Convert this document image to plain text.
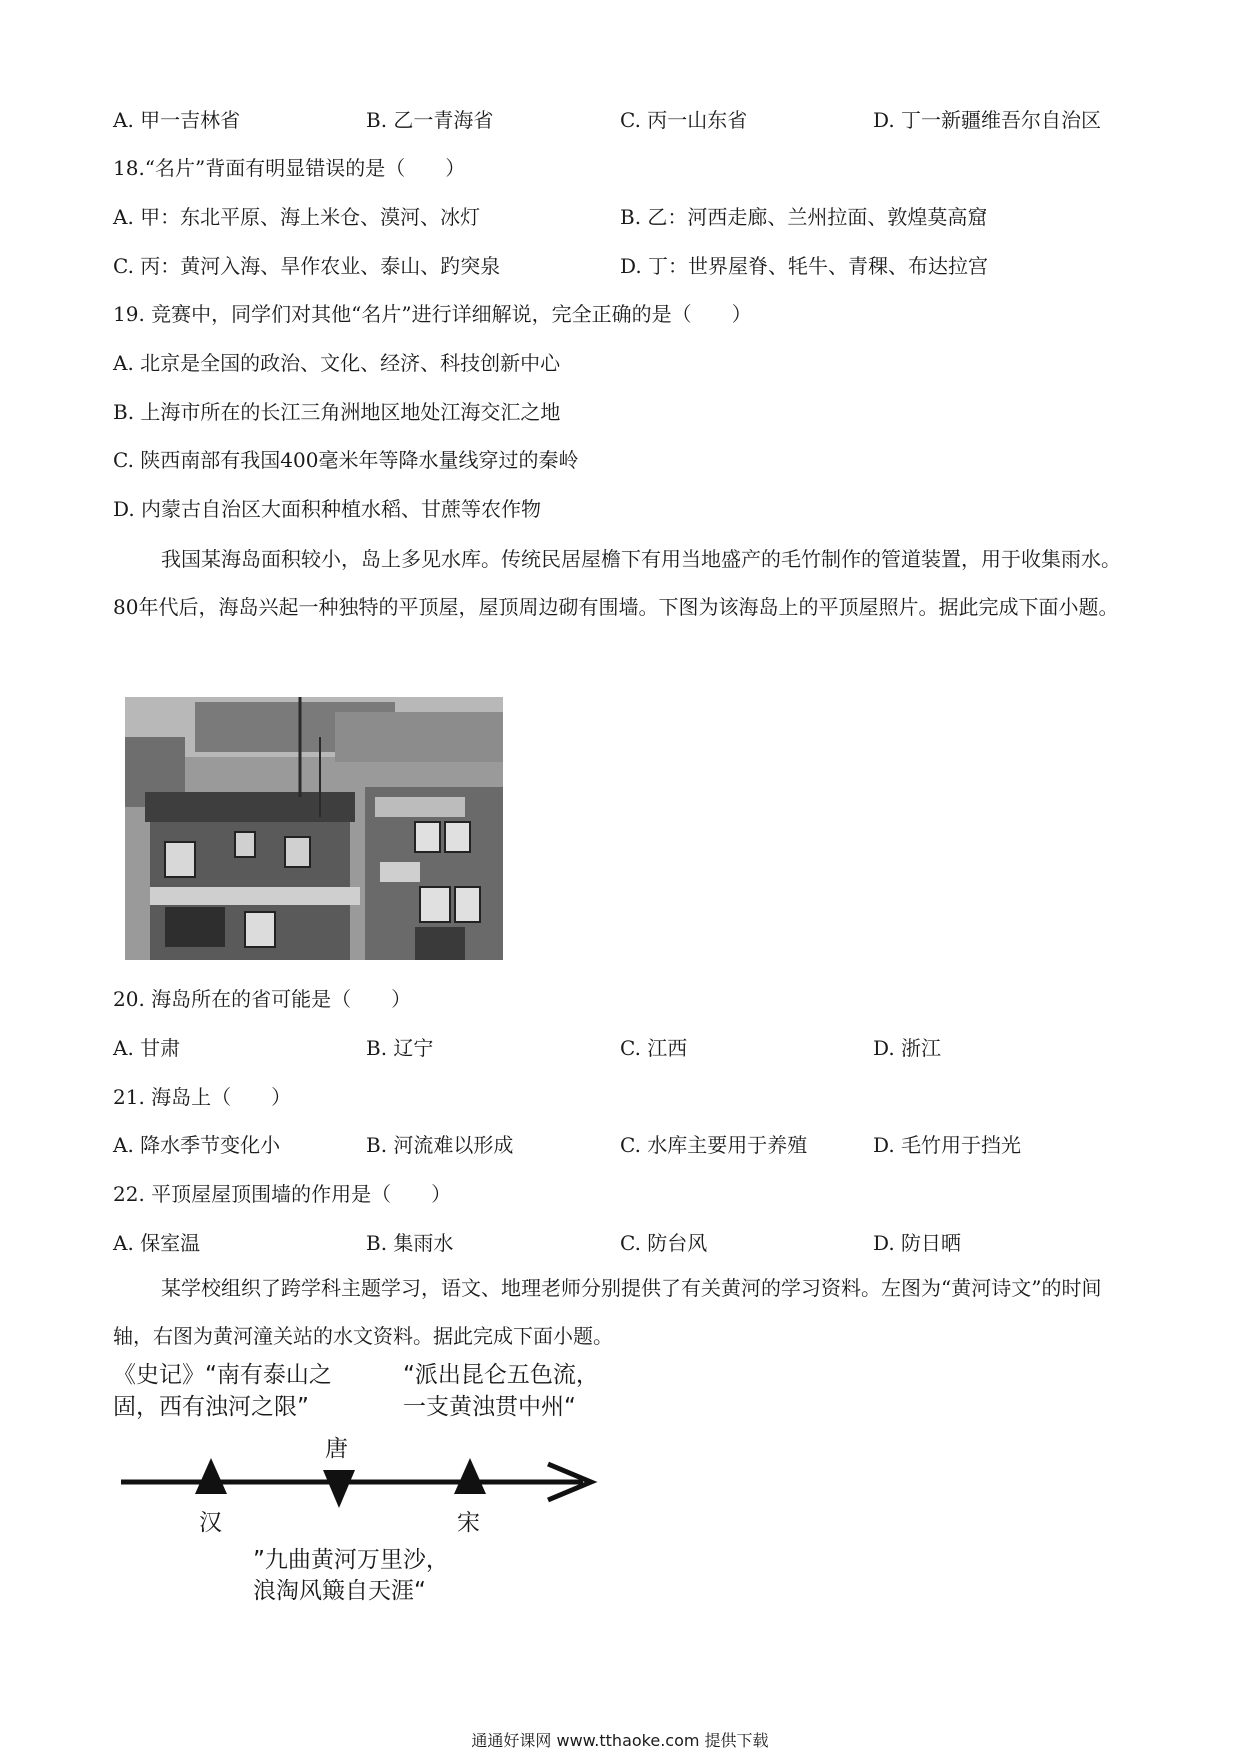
A. 甲一吉林省	B. 乙一青海省	C. 丙一山东省	D. 丁一新疆维吾尔自治区
18.“名片”背面有明显错误的是（　　）
A. 甲：东北平原、海上米仓、漠河、冰灯	B. 乙：河西走廊、兰州拉面、敦煌莫高窟
C. 丙：黄河入海、旱作农业、泰山、趵突泉	D. 丁：世界屋脊、牦牛、青稞、布达拉宫
19. 竞赛中，同学们对其他“名片”进行详细解说，完全正确的是（　　）
A. 北京是全国的政治、文化、经济、科技创新中心
B. 上海市所在的长江三角洲地区地处江海交汇之地
C. 陕西南部有我国400毫米年等降水量线穿过的秦岭
D. 内蒙古自治区大面积种植水稻、甘蔗等农作物
我国某海岛面积较小，岛上多见水库。传统民居屋檐下有用当地盛产的毛竹制作的管道装置，用于收集雨水。80年代后，海岛兴起一种独特的平顶屋，屋顶周边砌有围墙。下图为该海岛上的平顶屋照片。据此完成下面小题。
20. 海岛所在的省可能是（　　）
A. 甘肃	B. 辽宁	C. 江西	D. 浙江
21. 海岛上（　　）
A. 降水季节变化小	B. 河流难以形成	C. 水库主要用于养殖	D. 毛竹用于挡光
22. 平顶屋屋顶围墙的作用是（　　）
A. 保室温	B. 集雨水	C. 防台风	D. 防日晒
某学校组织了跨学科主题学习，语文、地理老师分别提供了有关黄河的学习资料。左图为“黄河诗文”的时间轴，右图为黄河潼关站的水文资料。据此完成下面小题。
《史记》“南有泰山之
固，西有浊河之限”
“派出昆仑五色流，
一支黄浊贯中州“
唐
汉	宋
”九曲黄河万里沙，
浪淘风簸自天涯“
通通好课网 www.tthaoke.com 提供下载
